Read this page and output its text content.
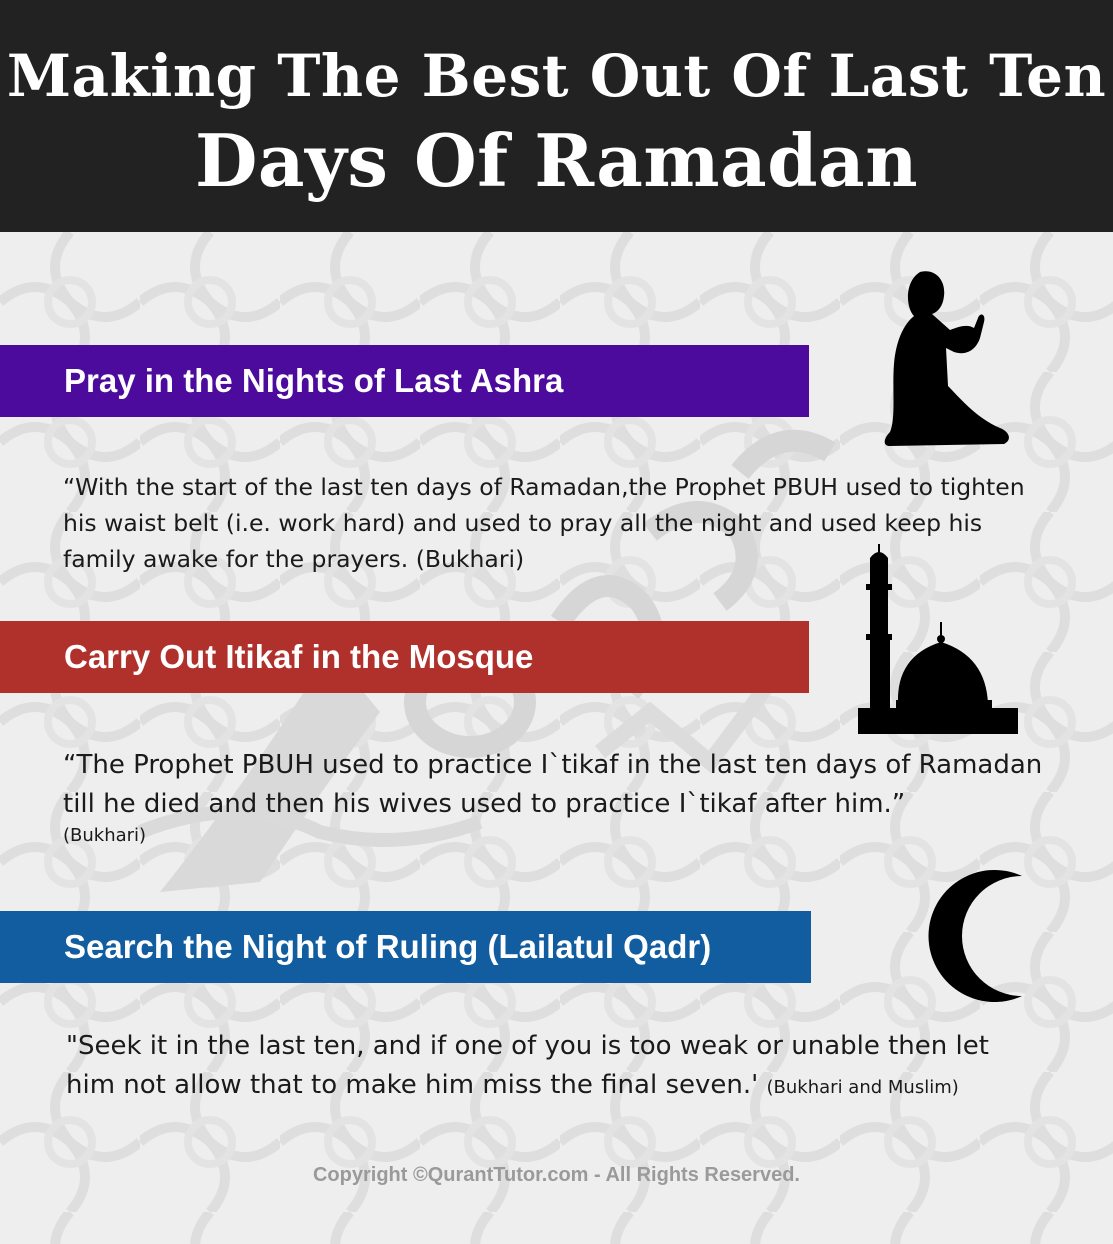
Making The Best Out Of Last Ten
Days Of Ramadan
Pray in the Nights of Last Ashra
“With the start of the last ten days of Ramadan,the Prophet PBUH used to tighten his waist belt (i.e. work hard) and used to pray all the night and used keep his family awake for the prayers. (Bukhari)
Carry Out Itikaf in the Mosque
“The Prophet PBUH used to practice I`tikaf in the last ten days of Ramadan till he died and then his wives used to practice I`tikaf after him.”
(Bukhari)
Search the Night of Ruling (Lailatul Qadr)
"Seek it in the last ten, and if one of you is too weak or unable then let him not allow that to make him miss the final seven.' (Bukhari and Muslim)
Copyright ©QurantTutor.com - All Rights Reserved.
